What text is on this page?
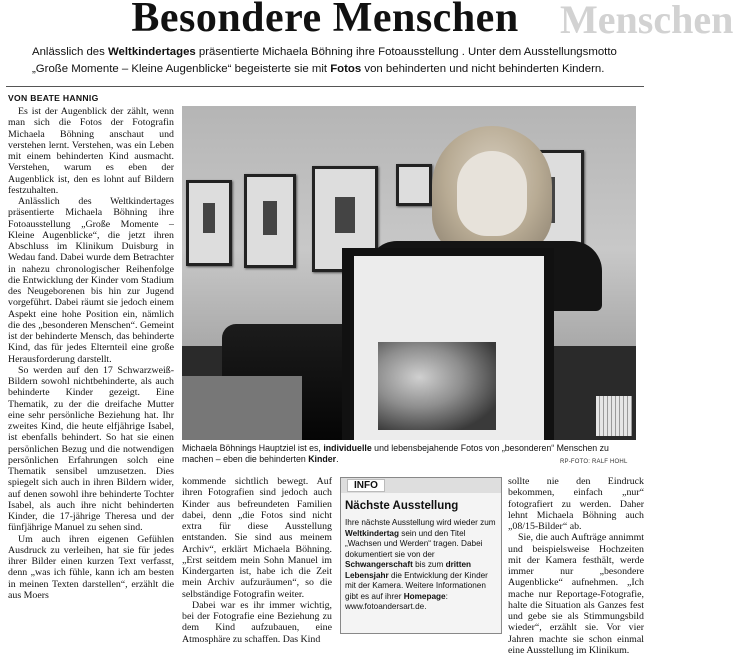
Menschen
Besondere Menschen
Anlässlich des Weltkindertages präsentierte Michaela Böhning ihre Fotoausstellung . Unter dem Ausstellungsmotto „Große Momente – Kleine Augenblicke“ begeisterte sie mit Fotos von behinderten und nicht behinderten Kindern.
VON BEATE HANNIG

Es ist der Augenblick der zählt, wenn man sich die Fotos der Fotografin Michaela Böhning anschaut und verstehen lernt. Verstehen, was ein Leben mit einem behinderten Kind ausmacht. Verstehen, warum es eben der Augenblick ist, den es lohnt auf Bildern festzuhalten.

Anlässlich des Weltkindertages präsentierte Michaela Böhning ihre Fotoausstellung „Große Momente – Kleine Augenblicke“, die jetzt ihren Abschluss im Klinikum Duisburg in Wedau fand. Dabei wurde dem Betrachter in nahezu chronologischer Reihenfolge die Entwicklung der Kinder vom Stadium des Neugeborenen bis hin zur Jugend vorgeführt. Dabei räumt sie jedoch einem Aspekt eine hohe Position ein, nämlich die des „besonderen Menschen“. Gemeint ist der behinderte Mensch, das behinderte Kind, das für jedes Elternteil eine große Herausforderung darstellt.

So werden auf den 17 Schwarzweiß-Bildern sowohl nichtbehinderte, als auch behinderte Kinder gezeigt. Eine Thematik, zu der die dreifache Mutter eine sehr persönliche Beziehung hat. Ihr zweites Kind, die heute elfjährige Isabel, ist ebenfalls behindert. So hat sie einen persönlichen Bezug und die notwendigen persönlichen Erfahrungen solch eine Thematik sensibel umzusetzen. Dies spiegelt sich auch in ihren Bildern wider, auf denen sowohl ihre behinderte Tochter Isabel, als auch ihre nicht behinderten Kinder, die 17-jährige Theresa und der fünfjährige Manuel zu sehen sind.

Um auch ihren eigenen Gefühlen Ausdruck zu verleihen, hat sie für jedes ihrer Bilder einen kurzen Text verfasst, denn „was ich fühle, kann ich am besten in meinen Texten darstellen“, erzählt die aus Moers

Michaela Böhnings Hauptziel ist es, individuelle und lebensbejahende Fotos von „besonderen“ Menschen zu machen – eben die behinderten Kinder.	RP-FOTO: RALF HOHL

kommende sichtlich bewegt. Auf ihren Fotografien sind jedoch auch Kinder aus befreundeten Familien dabei, denn „die Fotos sind nicht extra für diese Ausstellung entstanden. Sie sind aus meinem Archiv“, erklärt Michaela Böhning. „Erst seitdem mein Sohn Manuel im Kindergarten ist, habe ich die Zeit mein Archiv aufzuräumen“, so die selbständige Fotografin weiter.

Dabei war es ihr immer wichtig, bei der Fotografie eine Beziehung zu dem Kind aufzubauen, eine Atmosphäre zu schaffen. Das Kind

INFO
Nächste Ausstellung
Ihre nächste Ausstellung wird wieder zum Weltkindertag sein und den Titel „Wachsen und Werden“ tragen. Dabei dokumentiert sie von der Schwangerschaft bis zum dritten Lebensjahr die Entwicklung der Kinder mit der Kamera. Weitere Informationen gibt es auf ihrer Homepage: www.fotoandersart.de.

sollte nie den Eindruck bekommen, einfach „nur“ fotografiert zu werden. Daher lehnt Michaela Böhning auch „08/15-Bilder“ ab.

Sie, die auch Aufträge annimmt und beispielsweise Hochzeiten mit der Kamera festhält, werde immer nur „besondere Augenblicke“ aufnehmen. „Ich mache nur Reportage-Fotografie, halte die Situation als Ganzes fest und gebe sie als Stimmungsbild wieder“, erzählt sie. Vor vier Jahren machte sie schon einmal eine Ausstellung im Klinikum.
